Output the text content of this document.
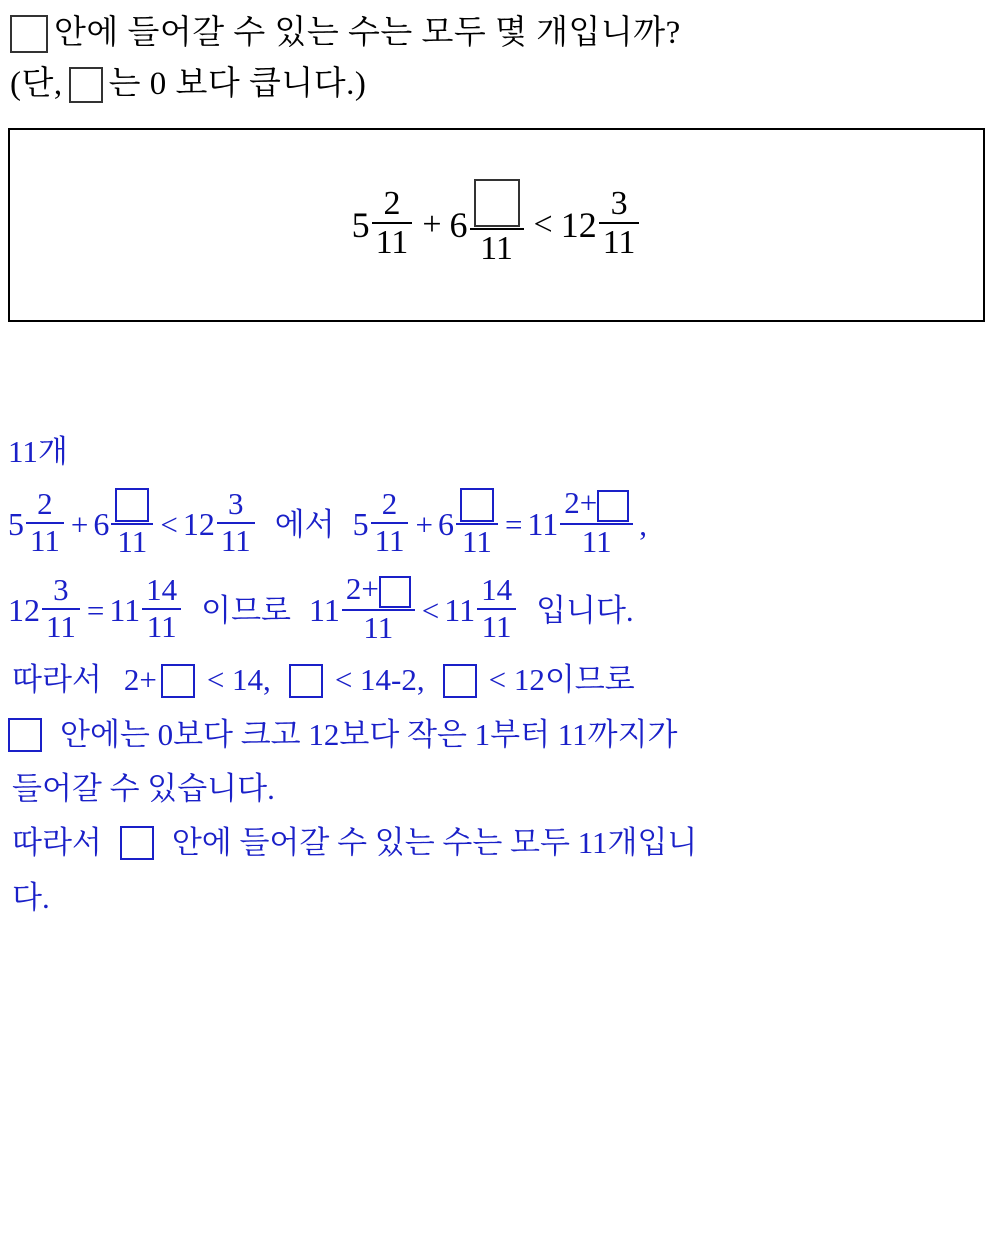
안에 들어갈 수 있는 수는 모두 몇 개입니까?
(단, 는 0 보다 큽니다.)
$5 \frac{2}{11} + 6$
11
< $12 \frac{3}{11}$
11개
$5 \frac{2}{11} + 6$ 11
< $12 \frac{3}{11}$ 에서 $5 \frac{2}{11} + 6$ 11
= $11 \frac{2+}{11}$ ,
$12 \frac{3}{11} = 11 \frac{14}{11}$ 이므로 $11 \frac{2+}{11} < 11 \frac{14}{11}$ 입니다.
따라서 2+ < 14, < 14-2, < 12이므로
안에는 0보다 크고 12보다 작은 1부터 11까지가
들어갈 수 있습니다.
따라서 안에 들어갈 수 있는 수는 모두 11개입니
다.
